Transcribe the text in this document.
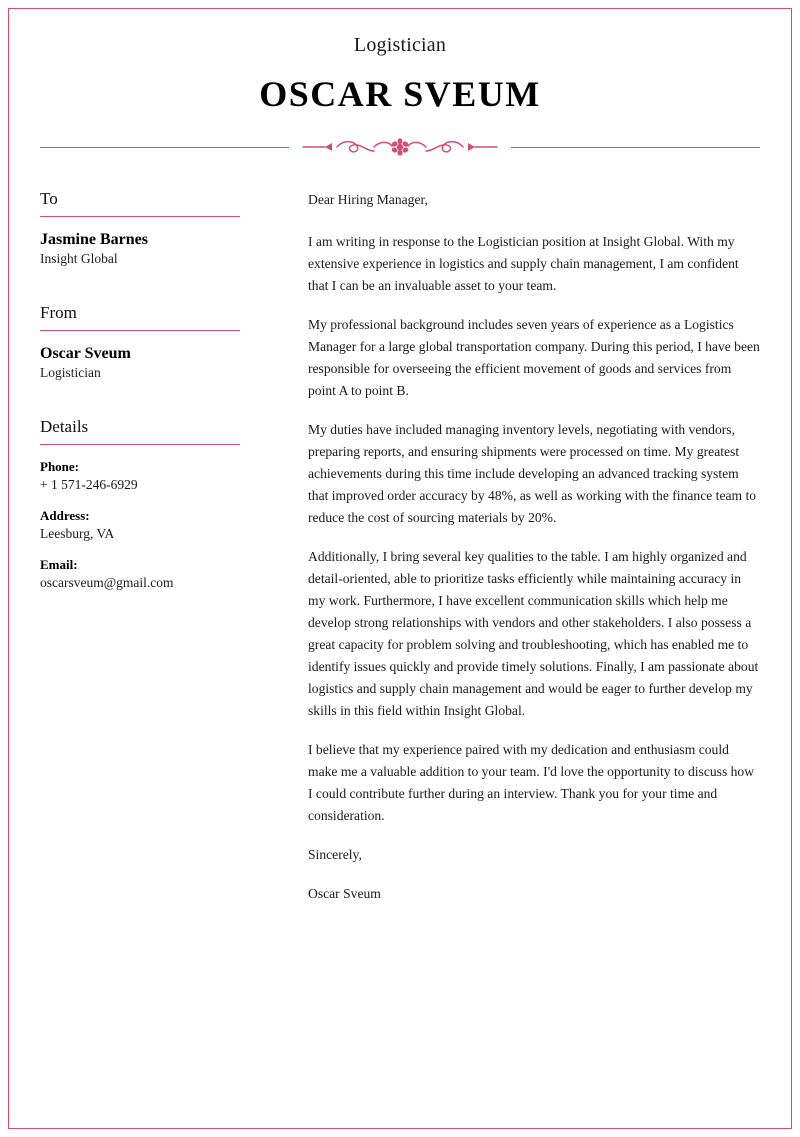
Logistician
OSCAR SVEUM
To
Jasmine Barnes
Insight Global
From
Oscar Sveum
Logistician
Details
Phone:
+ 1 571-246-6929
Address:
Leesburg, VA
Email:
oscarsveum@gmail.com

Dear Hiring Manager,

I am writing in response to the Logistician position at Insight Global. With my extensive experience in logistics and supply chain management, I am confident that I can be an invaluable asset to your team.

My professional background includes seven years of experience as a Logistics Manager for a large global transportation company. During this period, I have been responsible for overseeing the efficient movement of goods and services from point A to point B.

My duties have included managing inventory levels, negotiating with vendors, preparing reports, and ensuring shipments were processed on time. My greatest achievements during this time include developing an advanced tracking system that improved order accuracy by 48%, as well as working with the finance team to reduce the cost of sourcing materials by 20%.

Additionally, I bring several key qualities to the table. I am highly organized and detail-oriented, able to prioritize tasks efficiently while maintaining accuracy in my work. Furthermore, I have excellent communication skills which help me develop strong relationships with vendors and other stakeholders. I also possess a great capacity for problem solving and troubleshooting, which has enabled me to identify issues quickly and provide timely solutions. Finally, I am passionate about logistics and supply chain management and would be eager to further develop my skills in this field within Insight Global.

I believe that my experience paired with my dedication and enthusiasm could make me a valuable addition to your team. I'd love the opportunity to discuss how I could contribute further during an interview. Thank you for your time and consideration.

Sincerely,

Oscar Sveum
